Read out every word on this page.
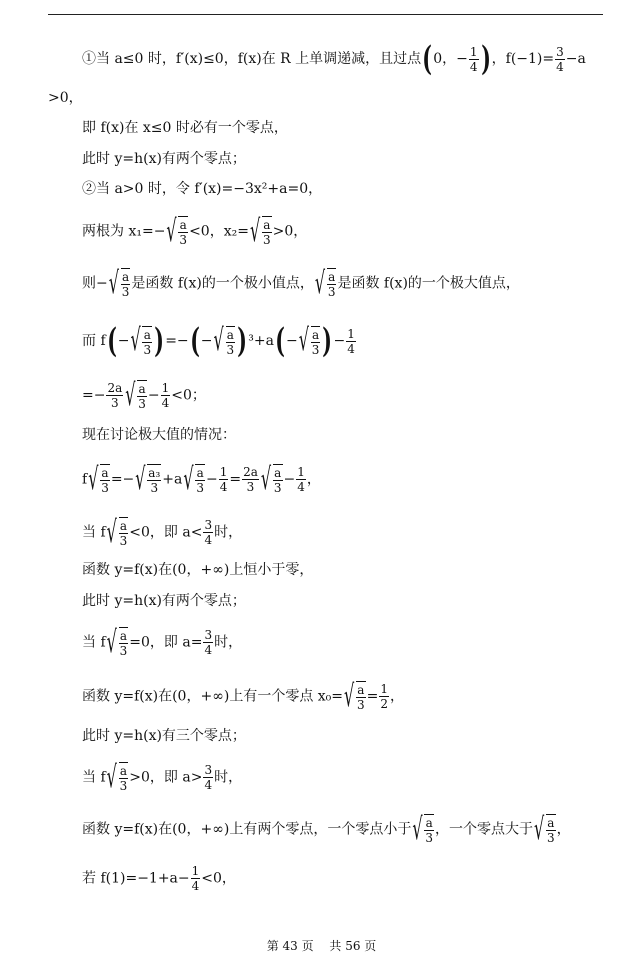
①当 a≤0 时，f′(x)≤0，f(x)在 R 上单调递减，且过点(0，− $\frac{1}{4}$ )，$f(-1)= \frac{3}{4} -a$
>0，
即 f(x)在 x≤0 时必有一个零点，
此时 y=h(x)有两个零点；
②当 a>0 时，令 f′(x)=−3x²+a=0，
两根为 x₁=− √ $\frac{a}{3} <0$，x₂= √ $\frac{a}{3} >0$，
则− √ $\frac{a}{3}$ 是函数 f(x)的一个极小值点， √ $\frac{a}{3}$ 是函数 f(x)的一个极大值点，
而 f(− √ $\frac{a}{3}$ )=−(− √ $\frac{a}{3} )^3+a(-$ √ $\frac{a}{3}$ )− $\frac{1}{4}$
=− $\frac{2a}{3}$ √ $\frac{a}{3} - \frac{1}{4} <0$；
现在讨论极大值的情况：
f √ $\frac{a}{3}$ =− √ $\frac{\text{a₃}}{3} +a$ √ $\frac{a}{3} - \frac{1}{4} = \frac{2a}{3}$ √ $\frac{a}{3} - \frac{1}{4}$ ，
当 f √ $\frac{a}{3} <0$，即 $a< \frac{3}{4}$ 时，
函数 y=f(x)在(0，+∞)上恒小于零，
此时 y=h(x)有两个零点；
当 f √ $\frac{a}{3} =0$，即 $a= \frac{3}{4}$ 时，
函数 y=f(x)在(0，+∞)上有一个零点 x₀= √ $\frac{a}{3} = \frac{1}{2}$ ，
此时 y=h(x)有三个零点；
当 f √ $\frac{a}{3} >0$，即 $a> \frac{3}{4}$ 时，
函数 y=f(x)在(0，+∞)上有两个零点，一个零点小于 √ $\frac{a}{3}$ ，一个零点大于 √ $\frac{a}{3}$ ，
若 $f(1)=-1+a- \frac{1}{4} <0$，
第 43 页　 共 56 页
